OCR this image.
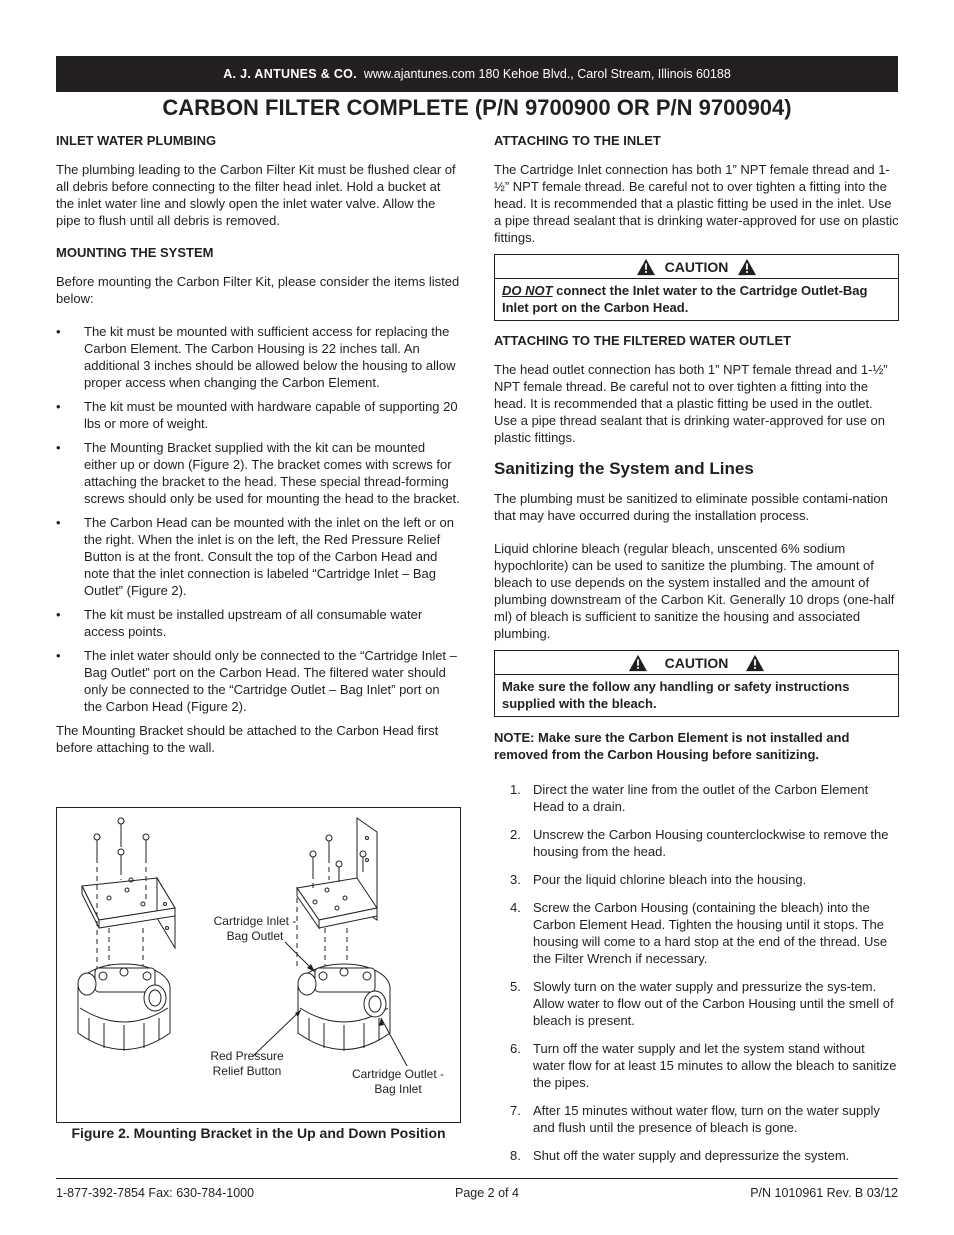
A. J. ANTUNES & CO. www.ajantunes.com 180 Kehoe Blvd., Carol Stream, Illinois 60188
CARBON FILTER COMPLETE (P/N 9700900 OR P/N 9700904)
INLET WATER PLUMBING

The plumbing leading to the Carbon Filter Kit must be flushed clear of all debris before connecting to the filter head inlet. Hold a bucket at the inlet water line and slowly open the inlet water valve. Allow the pipe to flush until all debris is removed.

MOUNTING THE SYSTEM

Before mounting the Carbon Filter Kit, please consider the items listed below:

• The kit must be mounted with sufficient access for replacing the Carbon Element. The Carbon Housing is 22 inches tall. An additional 3 inches should be allowed below the housing to allow proper access when changing the Carbon Element.
• The kit must be mounted with hardware capable of supporting 20 lbs or more of weight.
• The Mounting Bracket supplied with the kit can be mounted either up or down (Figure 2). The bracket comes with screws for attaching the bracket to the head. These special thread-forming screws should only be used for mounting the head to the bracket.
• The Carbon Head can be mounted with the inlet on the left or on the right. When the inlet is on the left, the Red Pressure Relief Button is at the front. Consult the top of the Carbon Head and note that the inlet connection is labeled “Cartridge Inlet – Bag Outlet” (Figure 2).
• The kit must be installed upstream of all consumable water access points.
• The inlet water should only be connected to the “Cartridge Inlet – Bag Outlet” port on the Carbon Head. The filtered water should only be connected to the “Cartridge Outlet – Bag Inlet” port on the Carbon Head (Figure 2).

The Mounting Bracket should be attached to the Carbon Head first before attaching to the wall.

Cartridge Inlet - Bag Outlet
Red Pressure Relief Button	Cartridge Outlet - Bag Inlet
Figure 2. Mounting Bracket in the Up and Down Position
ATTACHING TO THE INLET

The Cartridge Inlet connection has both 1” NPT female thread and 1-½” NPT female thread. Be careful not to over tighten a fitting into the head. It is recommended that a plastic fitting be used in the inlet. Use a pipe thread sealant that is drinking water-approved for use on plastic fittings.

CAUTION
DO NOT connect the Inlet water to the Cartridge Outlet-Bag Inlet port on the Carbon Head.
ATTACHING TO THE FILTERED WATER OUTLET

The head outlet connection has both 1” NPT female thread and 1-½” NPT female thread. Be careful not to over tighten a fitting into the head. It is recommended that a plastic fitting be used in the outlet. Use a pipe thread sealant that is drinking water-approved for use on plastic fittings.

Sanitizing the System and Lines

The plumbing must be sanitized to eliminate possible contami-nation that may have occurred during the installation process.

Liquid chlorine bleach (regular bleach, unscented 6% sodium hypochlorite) can be used to sanitize the plumbing. The amount of bleach to use depends on the system installed and the amount of plumbing downstream of the Carbon Kit. Generally 10 drops (one-half ml) of bleach is sufficient to sanitize the housing and associated plumbing.

CAUTION
Make sure the follow any handling or safety instructions supplied with the bleach.

NOTE: Make sure the Carbon Element is not installed and removed from the Carbon Housing before sanitizing.

1. Direct the water line from the outlet of the Carbon Element Head to a drain.
2. Unscrew the Carbon Housing counterclockwise to remove the housing from the head.
3. Pour the liquid chlorine bleach into the housing.
4. Screw the Carbon Housing (containing the bleach) into the Carbon Element Head. Tighten the housing until it stops. The housing will come to a hard stop at the end of the thread. Use the Filter Wrench if necessary.
5. Slowly turn on the water supply and pressurize the sys-tem. Allow water to flow out of the Carbon Housing until the smell of bleach is present.
6. Turn off the water supply and let the system stand without water flow for at least 15 minutes to allow the bleach to sanitize the pipes.
7. After 15 minutes without water flow, turn on the water supply and flush until the presence of bleach is gone.
8. Shut off the water supply and depressurize the system.
1-877-392-7854 Fax: 630-784-1000	Page 2 of 4	P/N 1010961 Rev. B 03/12
